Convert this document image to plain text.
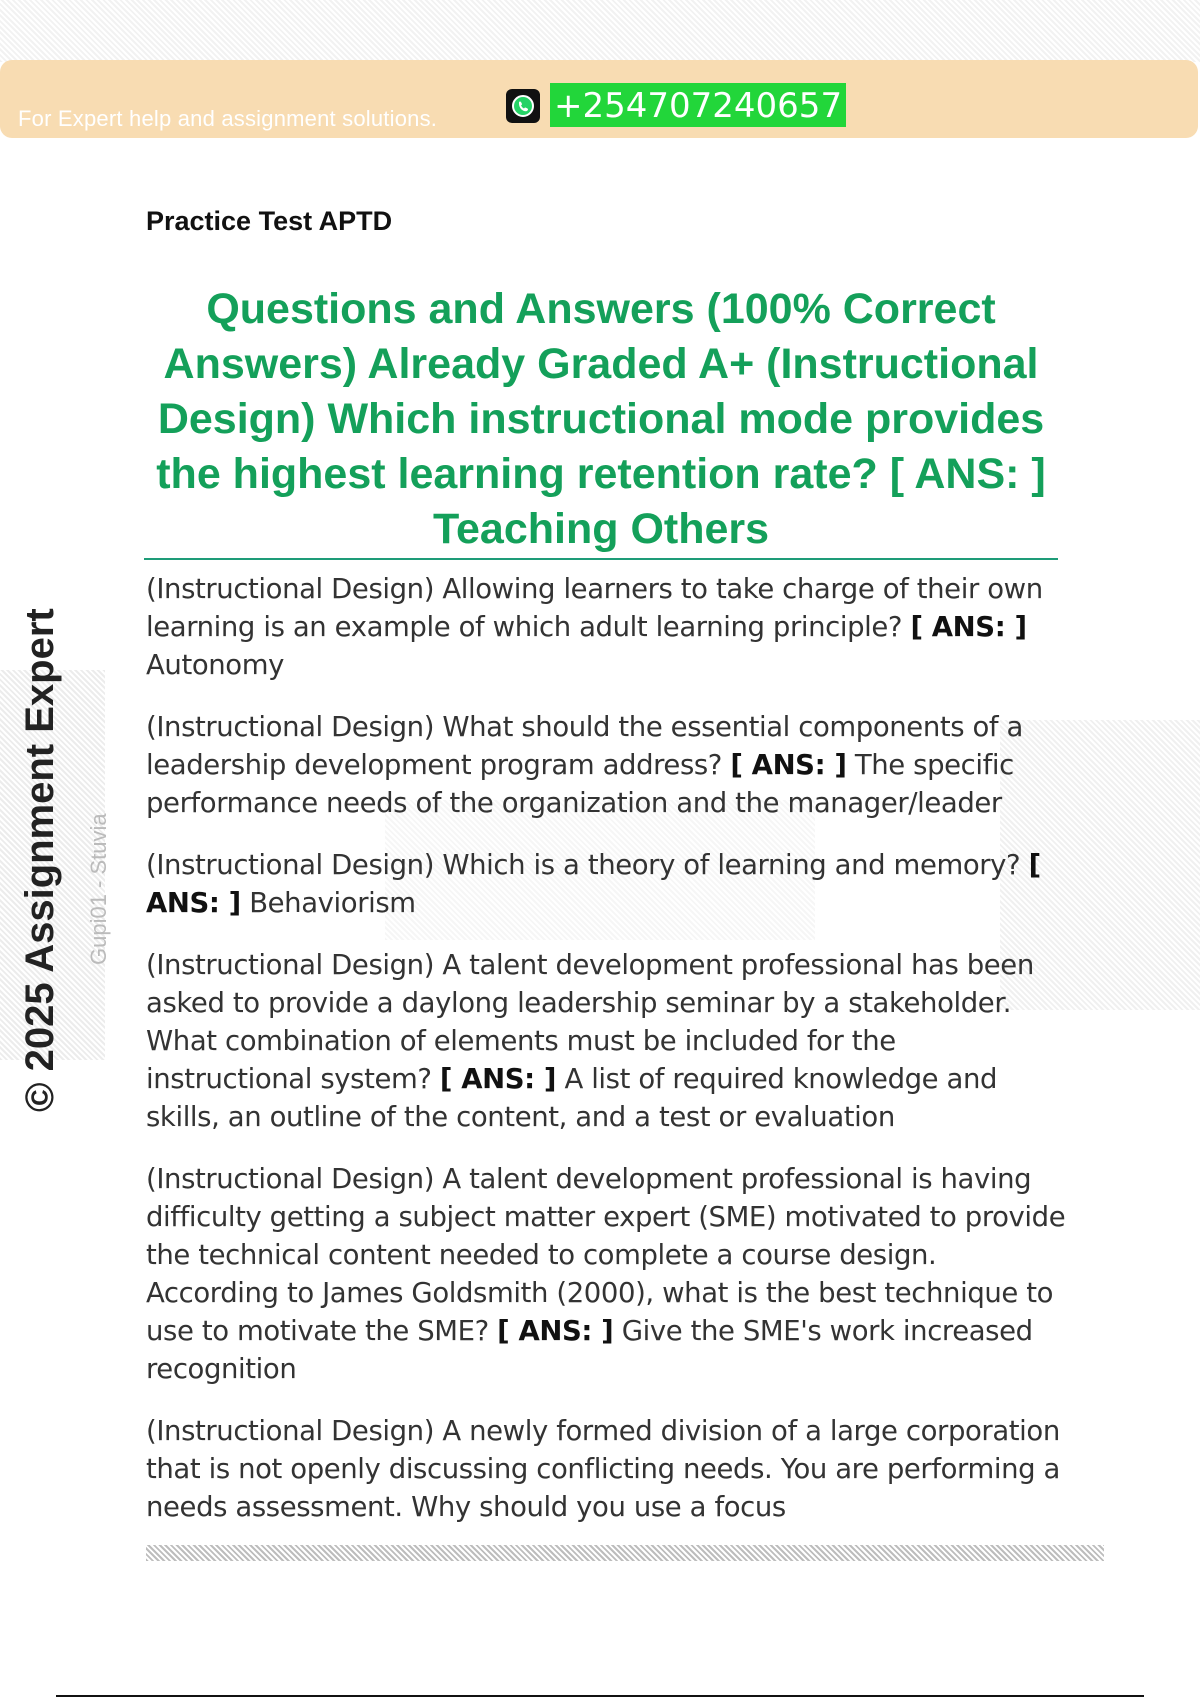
For Expert help and assignment solutions.	+254707240657
© 2025 Assignment Expert Gupi01 - Stuvia
Practice Test APTD
Questions and Answers (100% Correct Answers) Already Graded A+ (Instructional Design) Which instructional mode provides the highest learning retention rate? [ ANS: ] Teaching Others

(Instructional Design) Allowing learners to take charge of their own learning is an example of which adult learning principle? [ ANS: ] Autonomy

(Instructional Design) What should the essential components of a leadership development program address? [ ANS: ] The specific performance needs of the organization and the manager/leader

(Instructional Design) Which is a theory of learning and memory? [ ANS: ] Behaviorism

(Instructional Design) A talent development professional has been asked to provide a daylong leadership seminar by a stakeholder. What combination of elements must be included for the instructional system? [ ANS: ] A list of required knowledge and skills, an outline of the content, and a test or evaluation

(Instructional Design) A talent development professional is having difficulty getting a subject matter expert (SME) motivated to provide the technical content needed to complete a course design. According to James Goldsmith (2000), what is the best technique to use to motivate the SME? [ ANS: ] Give the SME's work increased recognition

(Instructional Design) A newly formed division of a large corporation that is not openly discussing conflicting needs. You are performing a needs assessment. Why should you use a focus
